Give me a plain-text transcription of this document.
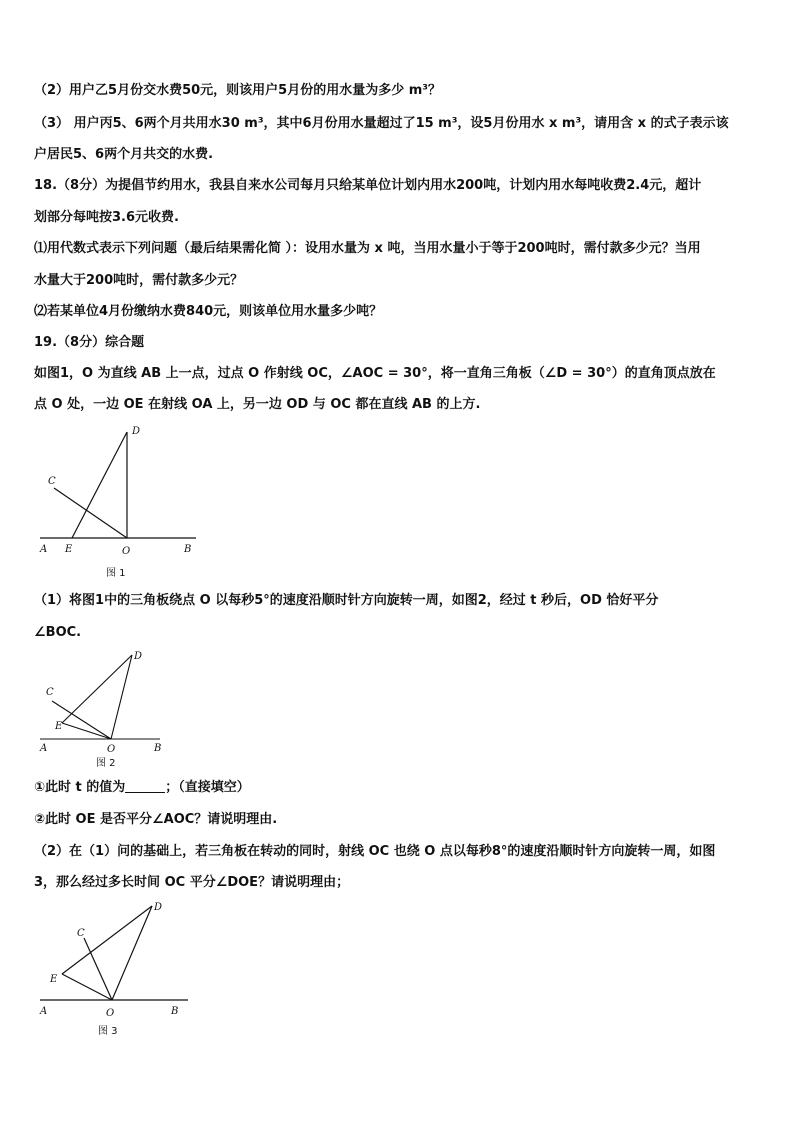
（2）用户乙5月份交水费50元，则该用户5月份的用水量为多少 m³？
（3） 用户丙5、6两个月共用水30 m³，其中6月份用水量超过了15 m³，设5月份用水 x m³，请用含 x 的式子表示该
户居民5、6两个月共交的水费.
18.（8分）为提倡节约用水，我县自来水公司每月只给某单位计划内用水200吨，计划内用水每吨收费2.4元，超计
划部分每吨按3.6元收费.
⑴用代数式表示下列问题（最后结果需化简 ）：设用水量为 x 吨，当用水量小于等于200吨时，需付款多少元？当用
水量大于200吨时，需付款多少元？
⑵若某单位4月份缴纳水费840元，则该单位用水量多少吨？
19.（8分）综合题
如图1，O 为直线 AB 上一点，过点 O 作射线 OC，∠AOC = 30°，将一直角三角板（∠D = 30°）的直角顶点放在
点 O 处，一边 OE 在射线 OA 上，另一边 OD 与 OC 都在直线 AB 的上方.
A E	O	B
C
D
图 1
（1）将图1中的三角板绕点 O 以每秒5°的速度沿顺时针方向旋转一周，如图2，经过 t 秒后，OD 恰好平分
∠BOC.
A
E
O	B
C
D
图 2
①此时 t 的值为	；（直接填空）
②此时 OE 是否平分∠AOC？请说明理由.
（2）在（1）问的基础上，若三角板在转动的同时，射线 OC 也绕 O 点以每秒8°的速度沿顺时针方向旋转一周，如图
3，那么经过多长时间 OC 平分∠DOE？请说明理由；
A
E
O	B
C
D
图 3
